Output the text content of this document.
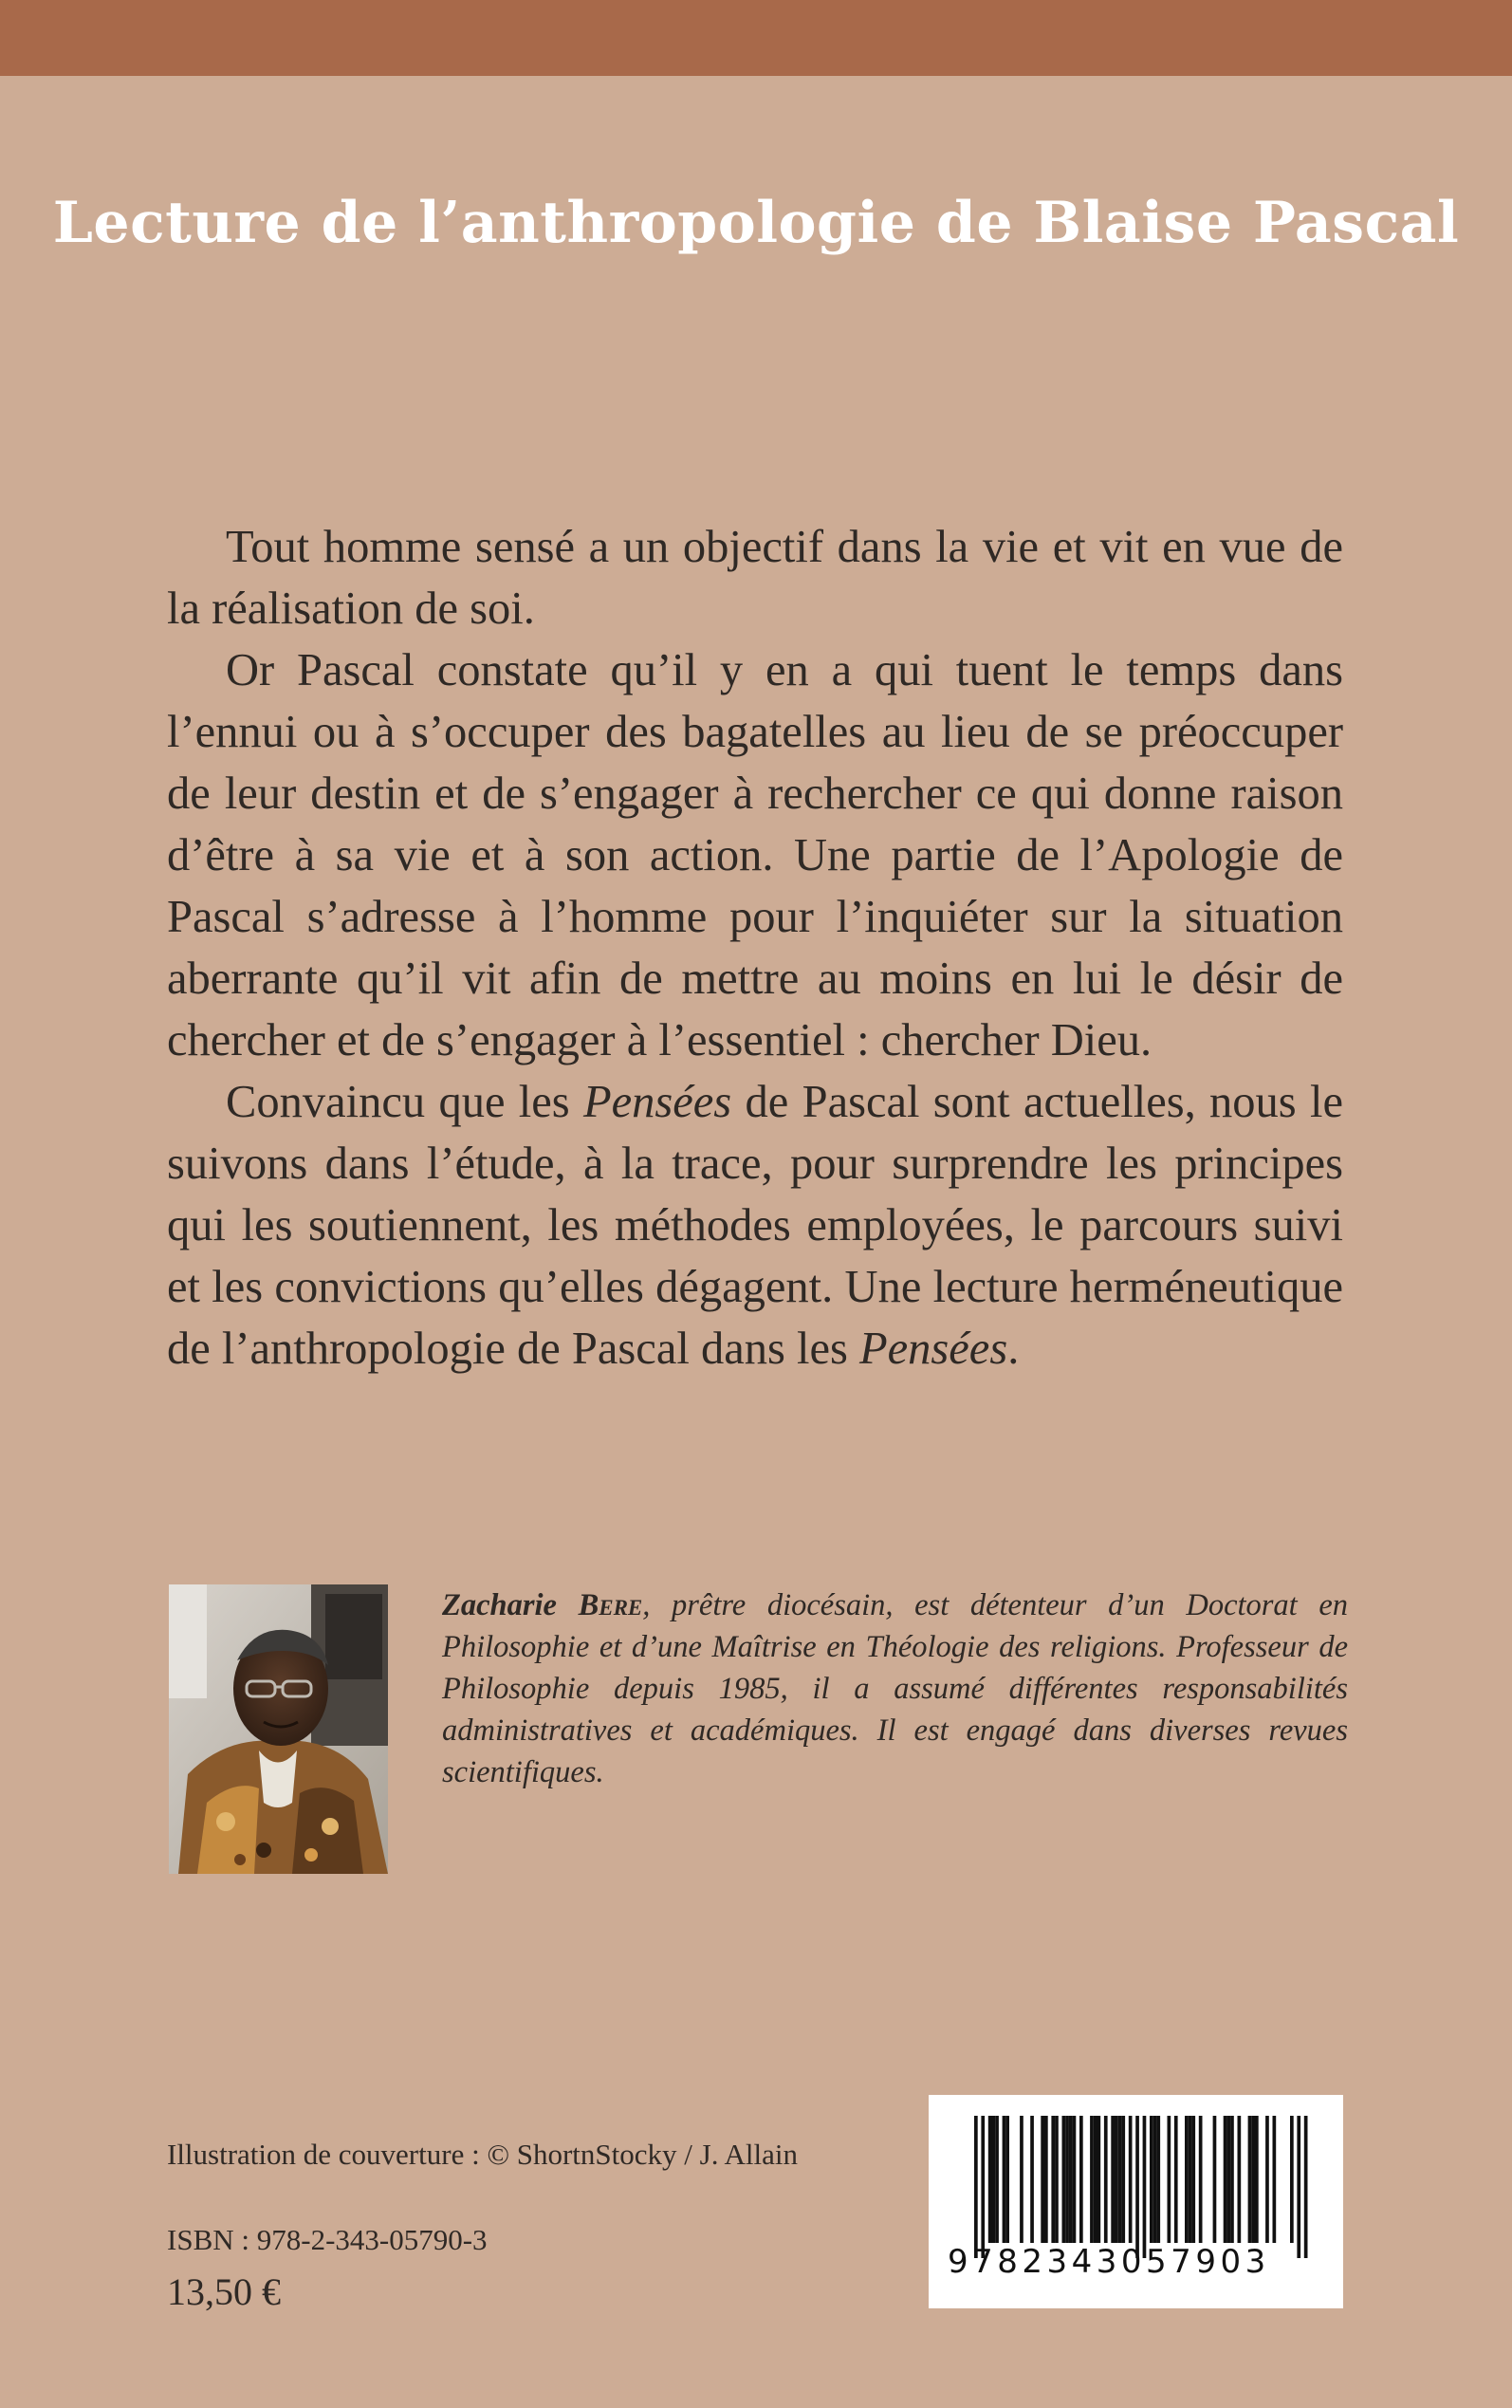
Lecture de l’anthropologie de Blaise Pascal

Tout homme sensé a un objectif dans la vie et vit en vue de la réalisation de soi.

Or Pascal constate qu’il y en a qui tuent le temps dans l’ennui ou à s’occuper des bagatelles au lieu de se préoccuper de leur destin et de s’engager à rechercher ce qui donne raison d’être à sa vie et à son action. Une partie de l’Apologie de Pascal s’adresse à l’homme pour l’inquiéter sur la situation aberrante qu’il vit afin de mettre au moins en lui le désir de chercher et de s’engager à l’essentiel : chercher Dieu.

Convaincu que les Pensées de Pascal sont actuelles, nous le suivons dans l’étude, à la trace, pour surprendre les principes qui les soutiennent, les méthodes employées, le parcours suivi et les convictions qu’elles dégagent. Une lecture herméneutique de l’anthropologie de Pascal dans les Pensées.

Zacharie Bere, prêtre diocésain, est détenteur d’un Doctorat en Philosophie et d’une Maîtrise en Théologie des religions. Professeur de Philosophie depuis 1985, il a assumé différentes responsabilités administratives et académiques. Il est engagé dans diverses revues scientifiques.

Illustration de couverture : © ShortnStocky / J. Allain
ISBN : 978-2-343-05790-3
13,50 €
9782343057903
